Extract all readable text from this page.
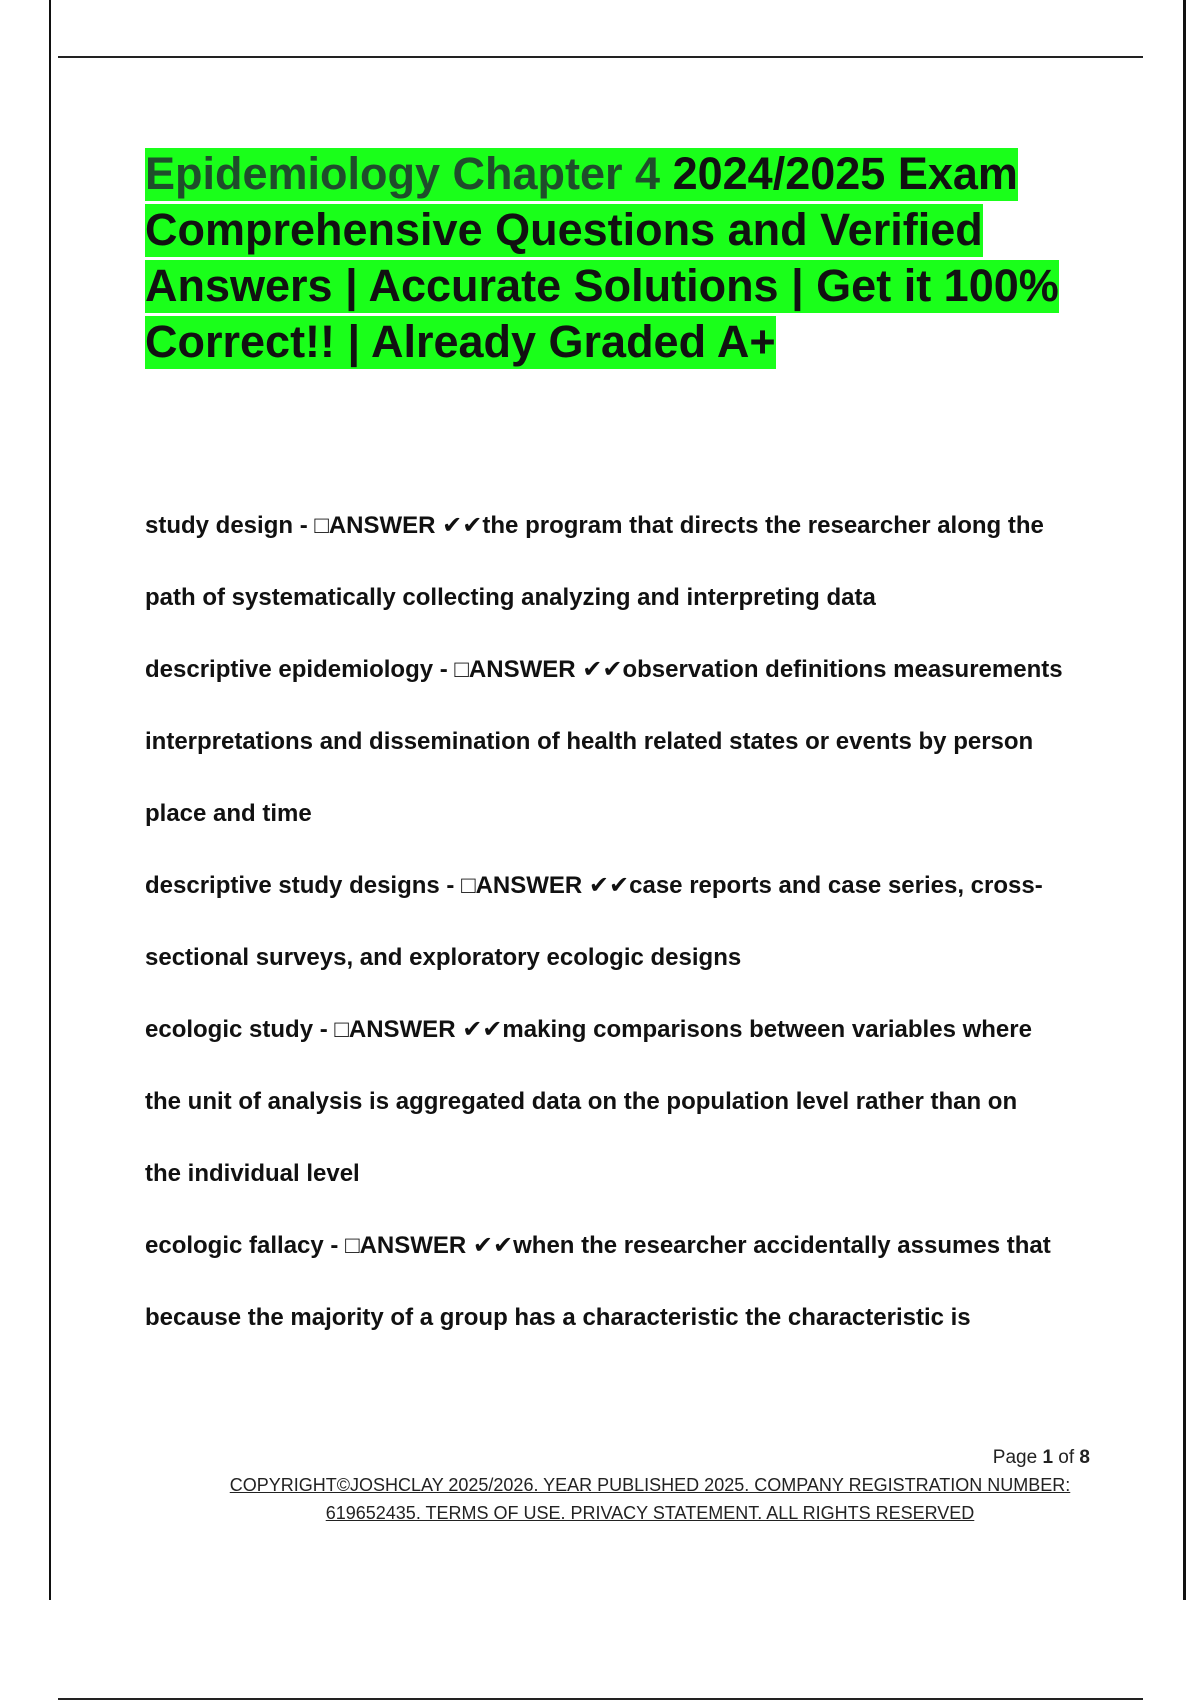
Epidemiology Chapter 4 2024/2025 Exam Comprehensive Questions and Verified Answers | Accurate Solutions | Get it 100% Correct!! | Already Graded A+
study design - □ANSWER ✔✔the program that directs the researcher along the
path of systematically collecting analyzing and interpreting data
descriptive epidemiology - □ANSWER ✔✔observation definitions measurements
interpretations and dissemination of health related states or events by person
place and time
descriptive study designs - □ANSWER ✔✔case reports and case series, cross-
sectional surveys, and exploratory ecologic designs
ecologic study - □ANSWER ✔✔making comparisons between variables where
the unit of analysis is aggregated data on the population level rather than on
the individual level
ecologic fallacy - □ANSWER ✔✔when the researcher accidentally assumes that
because the majority of a group has a characteristic the characteristic is
Page 1 of 8
COPYRIGHT©JOSHCLAY 2025/2026. YEAR PUBLISHED 2025. COMPANY REGISTRATION NUMBER:
619652435. TERMS OF USE. PRIVACY STATEMENT. ALL RIGHTS RESERVED
